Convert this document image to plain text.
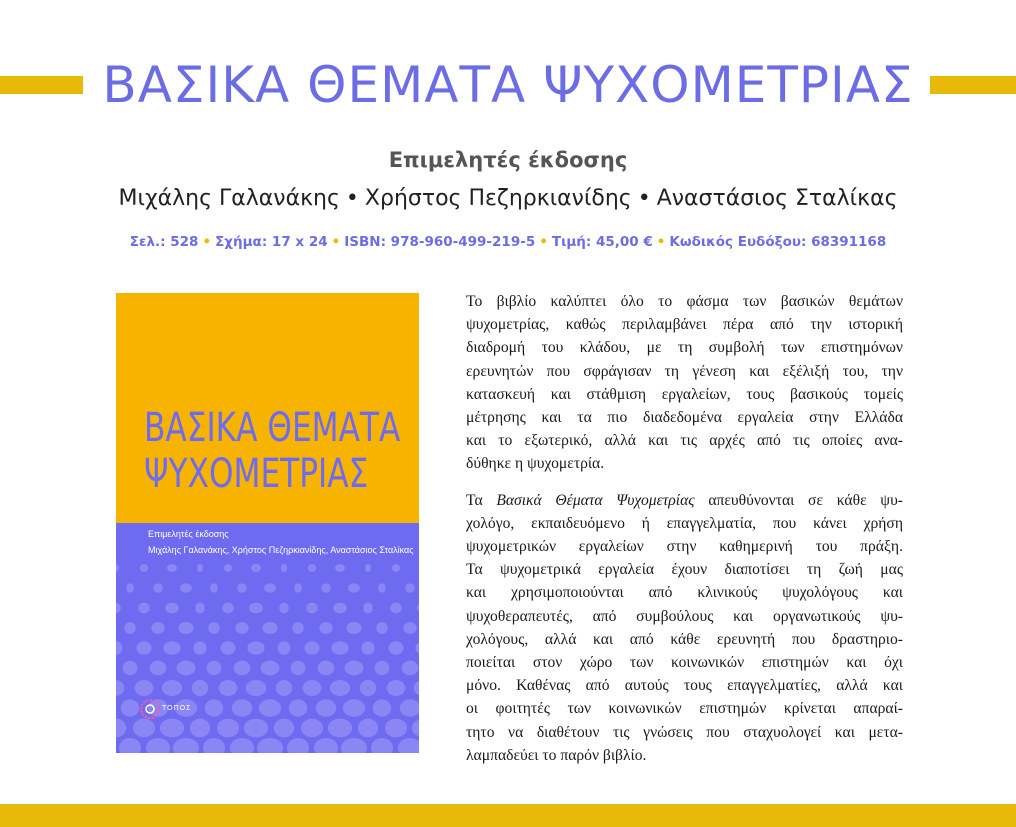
ΒΑΣΙΚΑ ΘΕΜΑΤΑ ΨΥΧΟΜΕΤΡΙΑΣ
Επιμελητές έκδοσης
Μιχάλης Γαλανάκης • Χρήστος Πεζηρκιανίδης • Αναστάσιος Σταλίκας
Σελ.: 528 • Σχήμα: 17 x 24 • ISBN: 978-960-499-219-5 • Τιμή: 45,00 € • Κωδικός Ευδόξου: 68391168
ΒΑΣΙΚΑ ΘΕΜΑΤΑ
ΨΥΧΟΜΕΤΡΙΑΣ
Επιμελητές έκδοσης
Μιχάλης Γαλανάκης, Χρήστος Πεζηρκιανίδης, Αναστάσιος Σταλίκας
ΤΟΠΟΣ

Το βιβλίο καλύπτει όλο το φάσμα των βασικών θεμάτων
ψυχομετρίας, καθώς περιλαμβάνει πέρα από την ιστορική
διαδρομή του κλάδου, με τη συμβολή των επιστημόνων
ερευνητών που σφράγισαν τη γένεση και εξέλιξή του, την
κατασκευή και στάθμιση εργαλείων, τους βασικούς τομείς
μέτρησης και τα πιο διαδεδομένα εργαλεία στην Ελλάδα
και το εξωτερικό, αλλά και τις αρχές από τις οποίες ανα-
δύθηκε η ψυχομετρία.

Τα Βασικά Θέματα Ψυχομετρίας απευθύνονται σε κάθε ψυ-
χολόγο, εκπαιδευόμενο ή επαγγελματία, που κάνει χρήση
ψυχομετρικών εργαλείων στην καθημερινή του πράξη.
Τα ψυχομετρικά εργαλεία έχουν διαποτίσει τη ζωή μας
και χρησιμοποιούνται από κλινικούς ψυχολόγους και
ψυχοθεραπευτές, από συμβούλους και οργανωτικούς ψυ-
χολόγους, αλλά και από κάθε ερευνητή που δραστηριο-
ποιείται στον χώρο των κοινωνικών επιστημών και όχι
μόνο. Καθένας από αυτούς τους επαγγελματίες, αλλά και
οι φοιτητές των κοινωνικών επιστημών κρίνεται απαραί-
τητο να διαθέτουν τις γνώσεις που σταχυολογεί και μετα-
λαμπαδεύει το παρόν βιβλίο.
